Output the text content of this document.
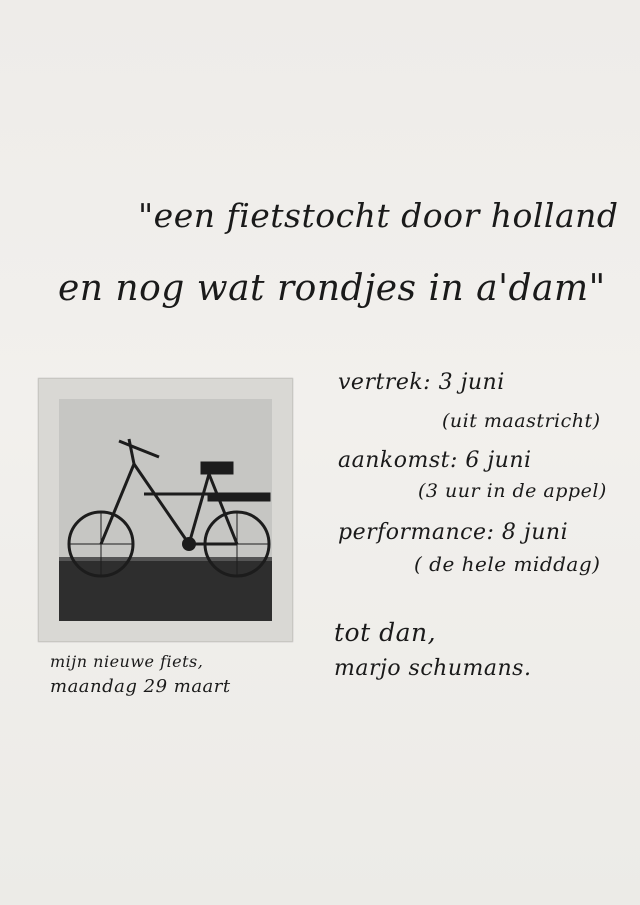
"een fietstocht door holland
en nog wat rondjes in a'dam"
mijn nieuwe fiets,
maandag 29 maart
vertrek: 3 juni
(uit maastricht)
aankomst: 6 juni
(3 uur in de appel)
performance: 8 juni
( de hele middag)
tot dan,
marjo schumans.
